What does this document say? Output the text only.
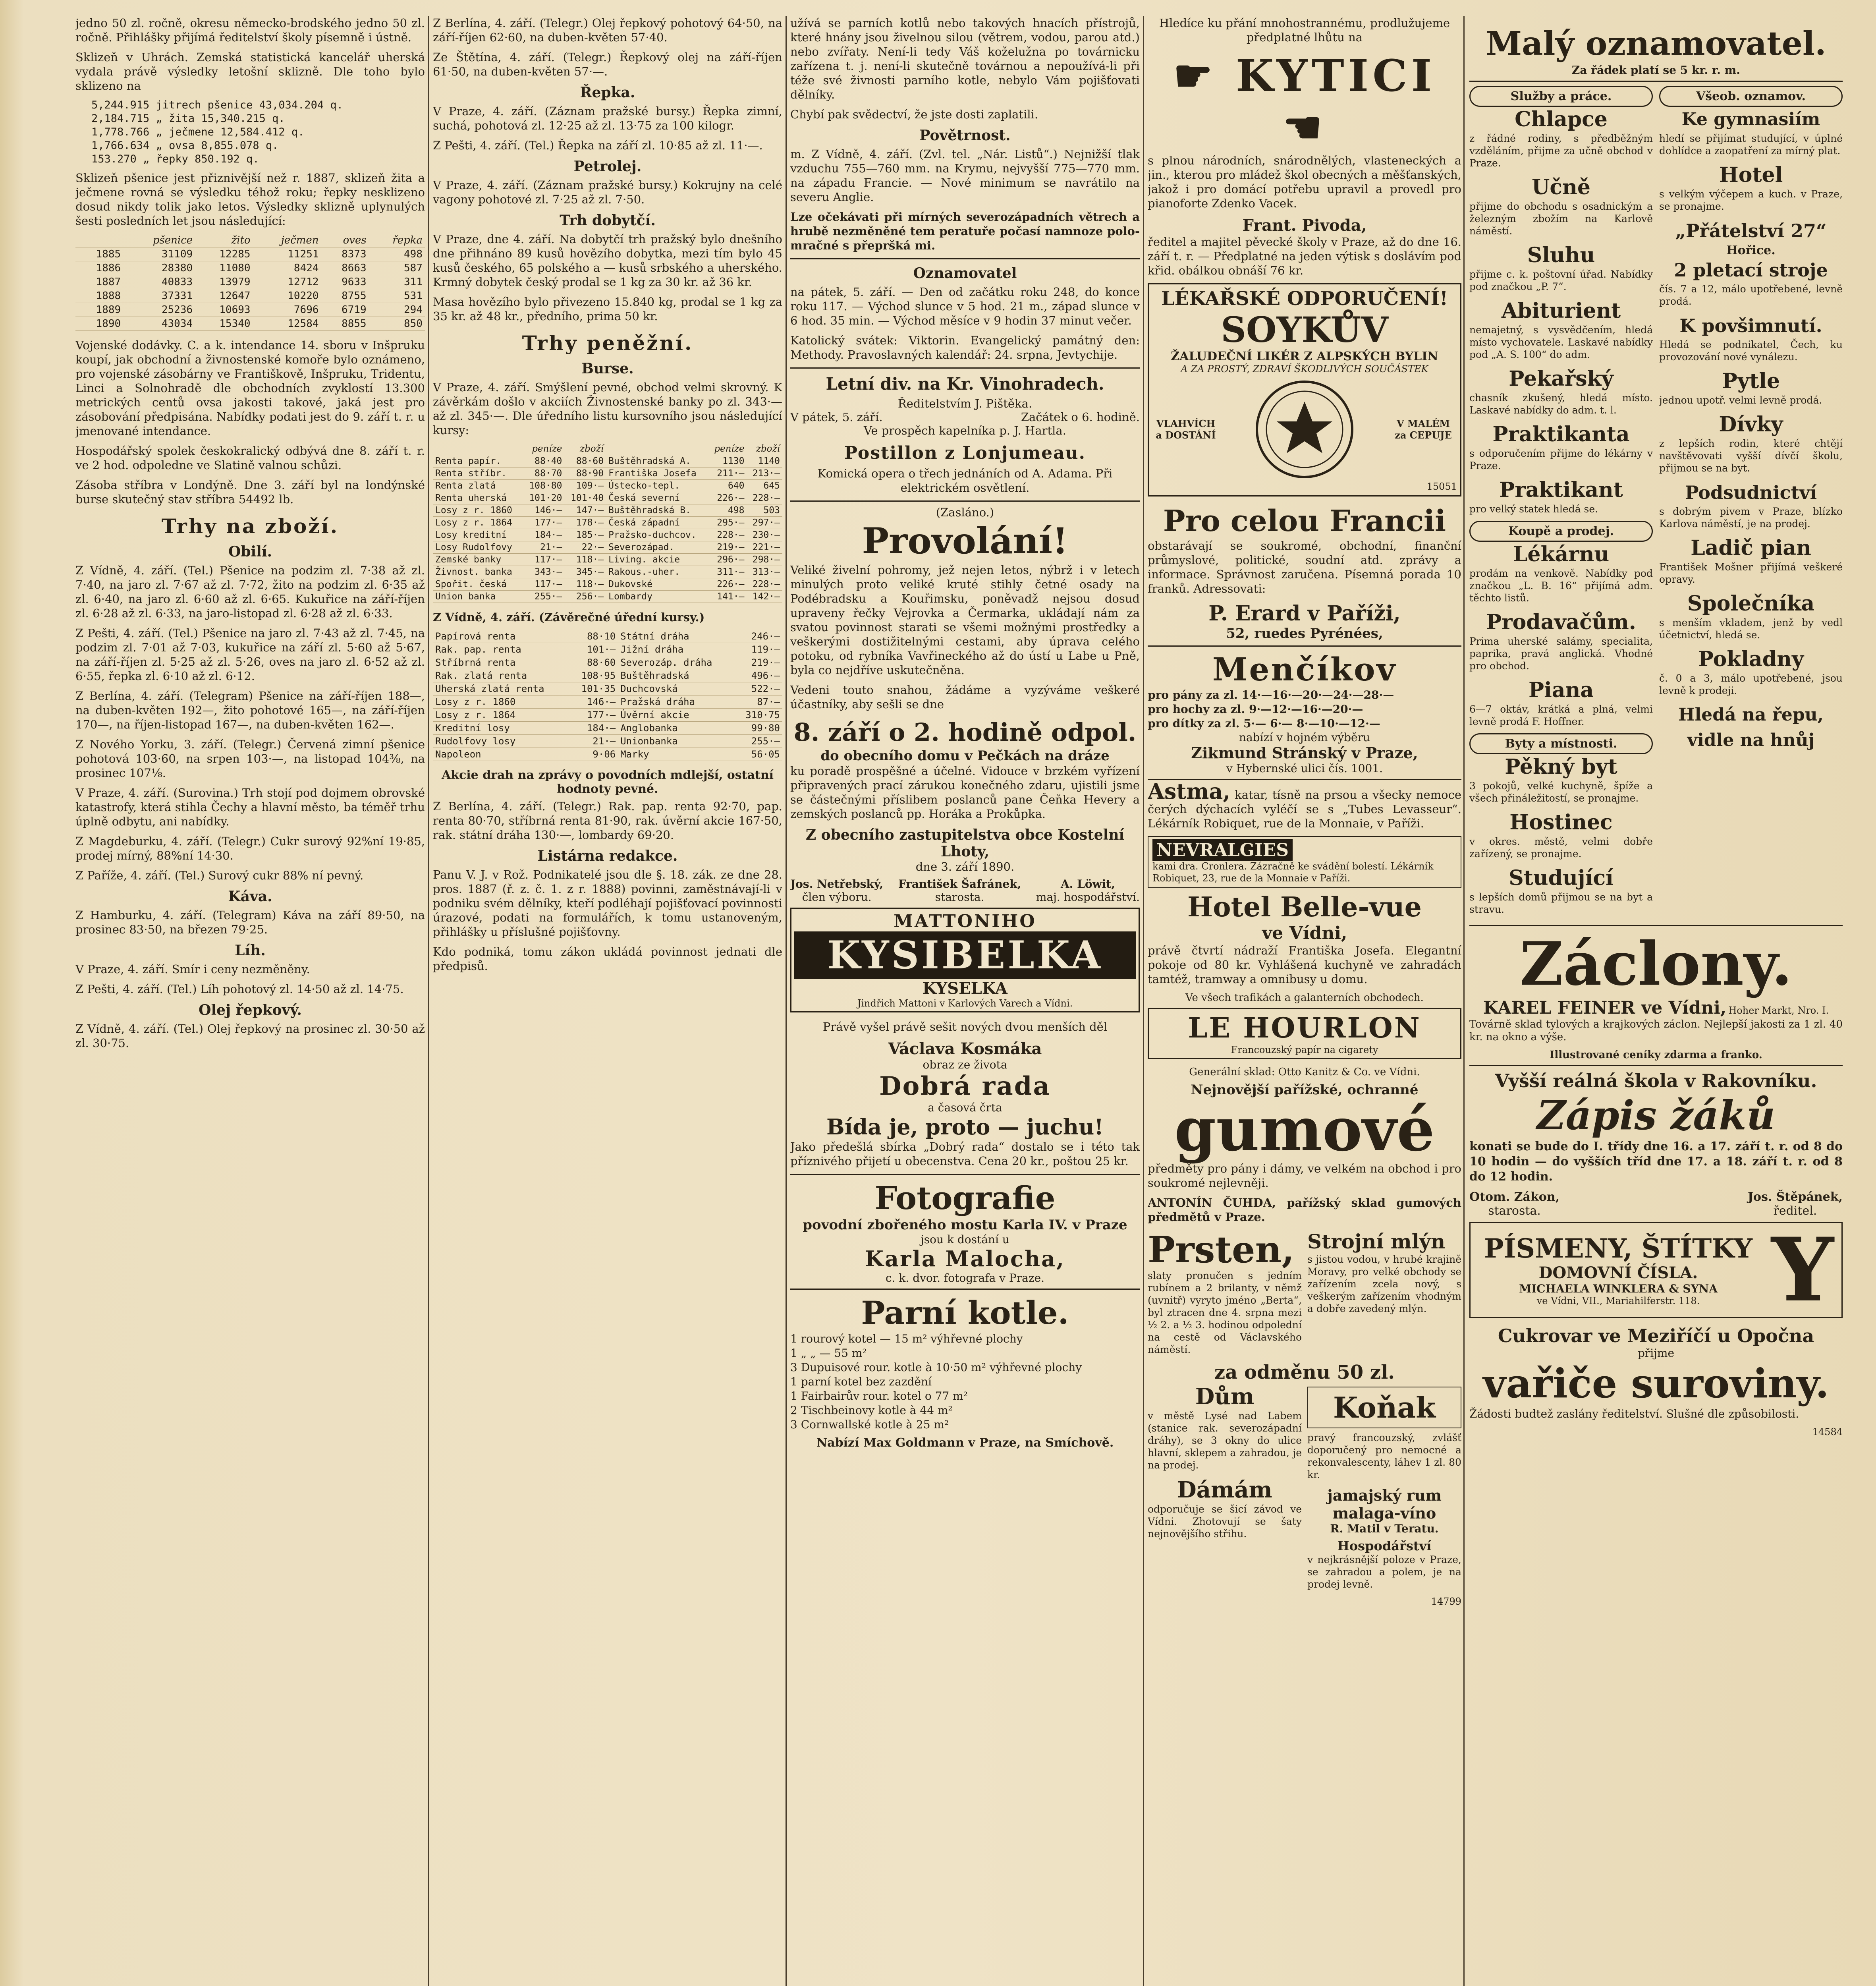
jedno 50 zl. ročně, okresu německo-brodského jedno 50 zl. ročně. Přihlášky přijímá ředitelství školy písemně i ústně.

Sklizeň v Uhrách. Zemská statistická kancelář uherská vydala právě výsledky letošní sklizně. Dle toho bylo sklizeno na

5,244.915 jitrech pšenice 43,034.204 q.
2,184.715 „ žita 15,340.215 q.
1,778.766 „ ječmene 12,584.412 q.
1,766.634 „ ovsa 8,855.078 q.
153.270 „ řepky 850.192 q.

Sklizeň pšenice jest přiznivější než r. 1887, sklizeň žita a ječmene rovná se výsledku téhož roku; řepky nesklizeno dosud nikdy tolik jako letos. Výsledky sklizně uplynulých šesti posledních let jsou následující:

	pšenice	žito	ječmen	oves	řepka
1885	31109	12285	11251	8373	498
1886	28380	11080	8424	8663	587
1887	40833	13979	12712	9633	311
1888	37331	12647	10220	8755	531
1889	25236	10693	7696	6719	294
1890	43034	15340	12584	8855	850

Vojenské dodávky. C. a k. intendance 14. sboru v Inšpruku koupí, jak obchodní a živnostenské komoře bylo oznámeno, pro vojenské zásobárny ve Františkově, Inšpruku, Tridentu, Linci a Solnohradě dle obchodních zvyklostí 13.300 metrických centů ovsa jakosti takové, jaká jest pro zásobování předpisána. Nabídky podati jest do 9. září t. r. u jmenované intendance.

Hospodářský spolek českokralický odbývá dne 8. září t. r. ve 2 hod. odpoledne ve Slatině valnou schůzi.

Zásoba stříbra v Londýně. Dne 3. září byl na londýnské burse skutečný stav stříbra 54492 lb.

Trhy na zboží.
Obilí.

Z Vídně, 4. září. (Tel.) Pšenice na podzim zl. 7·38 až zl. 7·40, na jaro zl. 7·67 až zl. 7·72, žito na podzim zl. 6·35 až zl. 6·40, na jaro zl. 6·60 až zl. 6·65. Kukuřice na září-říjen zl. 6·28 až zl. 6·33, na jaro-listopad zl. 6·28 až zl. 6·33.

Z Pešti, 4. září. (Tel.) Pšenice na jaro zl. 7·43 až zl. 7·45, na podzim zl. 7·01 až 7·03, kukuřice na září zl. 5·60 až 5·67, na září-říjen zl. 5·25 až zl. 5·26, oves na jaro zl. 6·52 až zl. 6·55, řepka zl. 6·10 až zl. 6·12.

Z Berlína, 4. září. (Telegram) Pšenice na září-říjen 188—, na duben-květen 192—, žito pohotové 165—, na září-říjen 170—, na říjen-listopad 167—, na duben-květen 162—.

Z Nového Yorku, 3. září. (Telegr.) Červená zimní pšenice pohotová 103·60, na srpen 103·—, na listopad 104⅜, na prosinec 107⅛.

V Praze, 4. září. (Surovina.) Trh stojí pod dojmem obrovské katastrofy, která stihla Čechy a hlavní město, ba téměř trhu úplně odbytu, ani nabídky.

Z Magdeburku, 4. září. (Telegr.) Cukr surový 92%ní 19·85, prodej mírný, 88%ní 14·30.

Z Paříže, 4. září. (Tel.) Surový cukr 88% ní pevný.

Káva.

Z Hamburku, 4. září. (Telegram) Káva na září 89·50, na prosinec 83·50, na březen 79·25.

Líh.

V Praze, 4. září. Smír i ceny nezměněny.

Z Pešti, 4. září. (Tel.) Líh pohotový zl. 14·50 až zl. 14·75.

Olej řepkový.

Z Vídně, 4. září. (Tel.) Olej řepkový na prosinec zl. 30·50 až zl. 30·75.

Z Berlína, 4. září. (Telegr.) Olej řepkový pohotový 64·50, na září-říjen 62·60, na duben-květen 57·40.

Ze Štětína, 4. září. (Telegr.) Řepkový olej na září-říjen 61·50, na duben-květen 57·—.

Řepka.

V Praze, 4. září. (Záznam pražské bursy.) Řepka zimní, suchá, pohotová zl. 12·25 až zl. 13·75 za 100 kilogr.

Z Pešti, 4. září. (Tel.) Řepka na září zl. 10·85 až zl. 11·—.

Petrolej.

V Praze, 4. září. (Záznam pražské bursy.) Kokrujny na celé vagony pohotové zl. 7·25 až zl. 7·50.

Trh dobytčí.

V Praze, dne 4. září. Na dobytčí trh pražský bylo dnešního dne přihnáno 89 kusů hovězího dobytka, mezi tím bylo 45 kusů českého, 65 polského a — kusů srbského a uherského. Krmný dobytek český prodal se 1 kg za 30 kr. až 36 kr.

Masa hovězího bylo přivezeno 15.840 kg, prodal se 1 kg za 35 kr. až 48 kr., předního, prima 50 kr.

Trhy peněžní.
Burse.

V Praze, 4. září. Smýšlení pevné, obchod velmi skrovný. K závěrkám došlo v akciích Živnostenské banky po zl. 343·— až zl. 345·—. Dle úředního listu kursovního jsou následující kursy:

	peníze	zboží		peníze	zboží
Renta papír.	88·40	88·60	Buštěhradská A.	1130	1140
Renta stříbr.	88·70	88·90	Františka Josefa	211·—	213·—
Renta zlatá	108·80	109·—	Ústecko-tepl.	640	645
Renta uherská	101·20	101·40	Česká severní	226·—	228·—
Losy z r. 1860	146·—	147·—	Buštěhradská B.	498	503
Losy z r. 1864	177·—	178·—	Česká západní	295·—	297·—
Losy kreditní	184·—	185·—	Pražsko-duchcov.	228·—	230·—
Losy Rudolfovy	21·—	22·—	Severozápad.	219·—	221·—
Zemské banky	117·—	118·—	Living. akcie	296·—	298·—
Živnost. banka	343·—	345·—	Rakous.-uher.	311·—	313·—
Spořit. česká	117·—	118·—	Dukovské	226·—	228·—
Union banka	255·—	256·—	Lombardy	141·—	142·—

Z Vídně, 4. září. (Závěrečné úřední kursy.)

Papírová renta	88·10	Státní dráha	246·—
Rak. pap. renta	101·—	Jižní dráha	119·—
Stříbrná renta	88·60	Severozáp. dráha	219·—
Rak. zlatá renta	108·95	Buštěhradská	496·—
Uherská zlatá renta	101·35	Duchcovská	522·—
Losy z r. 1860	146·—	Pražská dráha	87·—
Losy z r. 1864	177·—	Úvěrní akcie	310·75
Kreditní losy	184·—	Anglobanka	99·80
Rudolfovy losy	21·—	Unionbanka	255·—
Napoleon	9·06	Marky	56·05
Akcie drah na zprávy o povodních mdlejší, ostatní hodnoty pevné.

Z Berlína, 4. září. (Telegr.) Rak. pap. renta 92·70, pap. renta 80·70, stříbrná renta 81·90, rak. úvěrní akcie 167·50, rak. státní dráha 130·—, lombardy 69·20.

Listárna redakce.

Panu V. J. v Rož. Podnikatelé jsou dle §. 18. zák. ze dne 28. pros. 1887 (ř. z. č. 1. z r. 1888) povinni, zaměstnávají-li v podniku svém dělníky, kteří podléhají pojišťovací povinnosti úrazové, podati na formulářích, k tomu ustanoveným, přihlášky u příslušné pojišťovny.

Kdo podniká, tomu zákon ukládá povinnost jednati dle předpisů.

užívá se parních kotlů nebo takových hnacích přístrojů, které hnány jsou živelnou silou (větrem, vodou, parou atd.) nebo zvířaty. Není-li tedy Váš koželužna po továrnicku zařízena t. j. není-li skutečně továrnou a nepoužívá-li při téže své živnosti parního kotle, nebylo Vám pojišťovati dělníky.

Chybí pak svědectví, že jste dosti zaplatili.

Povětrnost.

m. Z Vídně, 4. září. (Zvl. tel. „Nár. Listů“.) Nejnižší tlak vzduchu 755—760 mm. na Krymu, nejvyšší 775—770 mm. na západu Francie. — Nové minimum se navrátilo na severu Anglie.

Lze očekávati při mírných severozápadních větrech a hrubě nezměněné tem peratuře počasí namnoze polo-mračné s přepršká mi.

Oznamovatel

na pátek, 5. září. — Den od začátku roku 248, do konce roku 117. — Východ slunce v 5 hod. 21 m., západ slunce v 6 hod. 35 min. — Východ měsíce v 9 hodin 37 minut večer.

Katolický svátek: Viktorin. Evangelický památný den: Methody. Pravoslavných kalendář: 24. srpna, Jevtychije.

Letní div. na Kr. Vinohradech.
Ředitelstvím J. Pištěka.
V pátek, 5. září.	Začátek o 6. hodině.
Ve prospěch kapelníka p. J. Hartla.
Postillon z Lonjumeau.

Komická opera o třech jednáních od A. Adama. Při elektrickém osvětlení.

(Zasláno.)
Provolání!

Veliké živelní pohromy, jež nejen letos, nýbrž i v letech minulých proto veliké kruté stihly četné osady na Podébradsku a Kouřimsku, poněvadž nejsou dosud upraveny řečky Vejrovka a Čermarka, ukládají nám za svatou povinnost starati se všemi možnými prostředky a veškerými dostižitelnými cestami, aby úprava celého potoku, od rybníka Vavřineckého až do ústí u Labe u Pně, byla co nejdříve uskutečněna.

Vedeni touto snahou, žádáme a vyzýváme veškeré účastníky, aby sešli se dne

8. září o 2. hodině odpol.
do obecního domu v Pečkách na dráze

ku poradě prospěšné a účelné. Vidouce v brzkém vyřízení připravených prací zárukou konečného zdaru, ujistili jsme se částečnými příslibem poslanců pane Čeňka Hevery a zemských poslanců pp. Horáka a Prokůpka.

Z obecního zastupitelstva obce Kostelní Lhoty,
dne 3. září 1890.
Jos. Netřebský,
člen výboru.
František Šafránek,
starosta.
A. Löwit,
maj. hospodářství.
MATTONIHO
KYSIBELKA
KYSELKA
Jindřich Mattoni v Karlových Varech a Vídni.

Právě vyšel právě sešit nových dvou menších děl

Václava Kosmáka
obraz ze života
Dobrá rada
a časová črta
Bída je, proto — juchu!

Jako předešlá sbírka „Dobrý rada“ dostalo se i této tak příznivého přijetí u obecenstva. Cena 20 kr., poštou 25 kr.

Fotografie
povodní zbořeného mostu Karla IV. v Praze
jsou k dostání u
Karla Malocha,
c. k. dvor. fotografa v Praze.
Parní kotle.
1 rourový kotel — 15 m² výhřevné plochy
1 „ „ — 55 m²
3 Dupuisové rour. kotle à 10·50 m² výhřevné plochy
1 parní kotel bez zazdění
1 Fairbairův rour. kotel o 77 m²
2 Tischbeinovy kotle à 44 m²
3 Cornwallské kotle à 25 m²
Nabízí Max Goldmann v Praze, na Smíchově.

Hledíce ku přání mnohostrannému, prodlužujeme předplatné lhůtu na

☛ KYTICI ☚

s plnou národních, snárodnělých, vlasteneckých a jin., kterou pro mládež škol obecných a měšťanských, jakož i pro domácí potřebu upravil a provedl pro pianoforte Zdenko Vacek.

Frant. Pivoda,

ředitel a majitel pěvecké školy v Praze, až do dne 16. září t. r. — Předplatné na jeden výtisk s doslávím pod křid. obálkou obnáší 76 kr.

LÉKAŘSKÉ ODPORUČENÍ!
SOYKŮV
ŽALUDEČNÍ LIKÉR Z ALPSKÝCH BYLIN
A ZA PROSTÝ, ZDRAVÍ ŠKODLIVÝCH SOUČÁSTEK
VLAHVÍCH a DOSTÁNÍ
V MALÉM za CEPUJE
15051
Pro celou Francii

obstarávají se soukromé, obchodní, finanční průmyslové, politické, soudní atd. zprávy a informace. Správnost zaručena. Písemná porada 10 franků. Adressovati:

P. Erard v Paříži,
52, ruedes Pyrénées,
Menčíkov
pro pány za zl. 14·—16·—20·—24·—28·—
pro hochy za zl. 9·—12·—16·—20·—
pro dítky za zl. 5·— 6·— 8·—10·—12·—
nabízí v hojném výběru
Zikmund Stránský v Praze,
v Hybernské ulici čís. 1001.

Astma, katar, tísně na prsou a všecky nemoce čerých dýchacích vyléčí se s „Tubes Levasseur“. Lékárník Robiquet, rue de la Monnaie, v Paříži.

NEVRALGIES
kami dra. Cronlera. Zázračně ke svádění bolestí. Lékárník Robiquet, 23, rue de la Monnaie v Paříži.
Hotel Belle-vue
ve Vídni,

právě čtvrtí nádraží Františka Josefa. Elegantní pokoje od 80 kr. Vyhlášená kuchyně ve zahradách tamtéž, tramway a omnibusy u domu.

Ve všech trafikách a galanterních obchodech.
LE HOURLON
Francouzský papír na cigarety
Generální sklad: Otto Kanitz & Co. ve Vídni.
Nejnovější pařížské, ochranné
gumové

předměty pro pány i dámy, ve velkém na obchod i pro soukromé nejlevněji.

ANTONÍN ČUHDA, pařížský sklad gumových předmětů v Praze.

Prsten,

slaty pronučen s jedním rubínem a 2 brilanty, v němž (uvnitř) vyryto jméno „Berta“, byl ztracen dne 4. srpna mezi ½ 2. a ½ 3. hodinou odpolední na cestě od Václavského náměstí.

Strojní mlýn

s jistou vodou, v hrubé krajině Moravy, pro velké obchody se zařízením zcela nový, s veškerým zařízením vhodným a dobře zavedený mlýn.

za odměnu 50 zl.
Dům

v městě Lysé nad Labem (stanice rak. severozápadní dráhy), se 3 okny do ulice hlavní, sklepem a zahradou, je na prodej.

Dámám

odporučuje se šicí závod ve Vídni. Zhotovují se šaty nejnovějšího střihu.

Koňak

pravý francouzský, zvlášť doporučený pro nemocné a rekonvalescenty, láhev 1 zl. 80 kr.

jamajský rum
malaga-víno
R. Matil v Teratu.
Hospodářství

v nejkrásnější poloze v Praze, se zahradou a polem, je na prodej levně.

14799
Malý oznamovatel.
Za řádek platí se 5 kr. r. m.
Služby a práce.
Chlapce

z řádné rodiny, s předběžným vzděláním, přijme za učně obchod v Praze.

Učně

přijme do obchodu s osadnickým a železným zbožím na Karlově náměstí.

Sluhu

přijme c. k. poštovní úřad. Nabídky pod značkou „P. 7“.

Abiturient

nemajetný, s vysvědčením, hledá místo vychovatele. Laskavé nabídky pod „A. S. 100“ do adm.

Pekařský

chasník zkušený, hledá místo. Laskavé nabídky do adm. t. l.

Praktikanta

s odporučením přijme do lékárny v Praze.

Praktikant

pro velký statek hledá se.

Koupě a prodej.
Lékárnu

prodám na venkově. Nabídky pod značkou „L. B. 16“ přijímá adm. těchto listů.

Prodavačům.

Prima uherské salámy, specialita, paprika, pravá anglická. Vhodné pro obchod.

Piana

6—7 oktáv, krátká a plná, velmi levně prodá F. Hoffner.

Byty a místnosti.
Pěkný byt

3 pokojů, velké kuchyně, špíže a všech přináležitostí, se pronajme.

Hostinec

v okres. městě, velmi dobře zařízený, se pronajme.

Studující

s lepších domů přijmou se na byt a stravu.

Všeob. oznamov.
Ke gymnasiím

hledí se přijímat studující, v úplné dohlídce a zaopatření za mírný plat.

Hotel

s velkým výčepem a kuch. v Praze, se pronajme.

„Přátelství 27“
Hořice.
2 pletací stroje

čís. 7 a 12, málo upotřebené, levně prodá.

K povšimnutí.

Hledá se podnikatel, Čech, ku provozování nové vynálezu.

Pytle

jednou upotř. velmi levně prodá.

Dívky

z lepších rodin, které chtějí navštěvovati vyšší dívčí školu, přijmou se na byt.

Podsudnictví

s dobrým pivem v Praze, blízko Karlova náměstí, je na prodej.

Ladič pian

František Mošner přijímá veškeré opravy.

Společníka

s menším vkladem, jenž by vedl účetnictví, hledá se.

Pokladny

č. 0 a 3, málo upotřebené, jsou levně k prodeji.

Hledá na řepu,
vidle na hnůj
Záclony.
KAREL FEINER ve Vídni, Hoher Markt, Nro. I.

Továrně sklad tylových a krajkových záclon. Nejlepší jakosti za 1 zl. 40 kr. na okno a výše.

Illustrované ceníky zdarma a franko.
Vyšší reálná škola v Rakovníku.
Zápis žáků

konati se bude do I. třídy dne 16. a 17. září t. r. od 8 do 10 hodin — do vyšších tříd dne 17. a 18. září t. r. od 8 do 12 hodin.

Otom. Zákon,
starosta.
Jos. Štěpánek,
ředitel.
PÍSMENY, ŠTÍTKY
DOMOVNÍ ČÍSLA.
MICHAELA WINKLERA & SYNA
ve Vídni, VII., Mariahilferstr. 118. Y
Cukrovar ve Meziříčí u Opočna
přijme
vařiče suroviny.

Žádosti budtež zaslány ředitelství. Slušné dle způsobilosti.

14584
